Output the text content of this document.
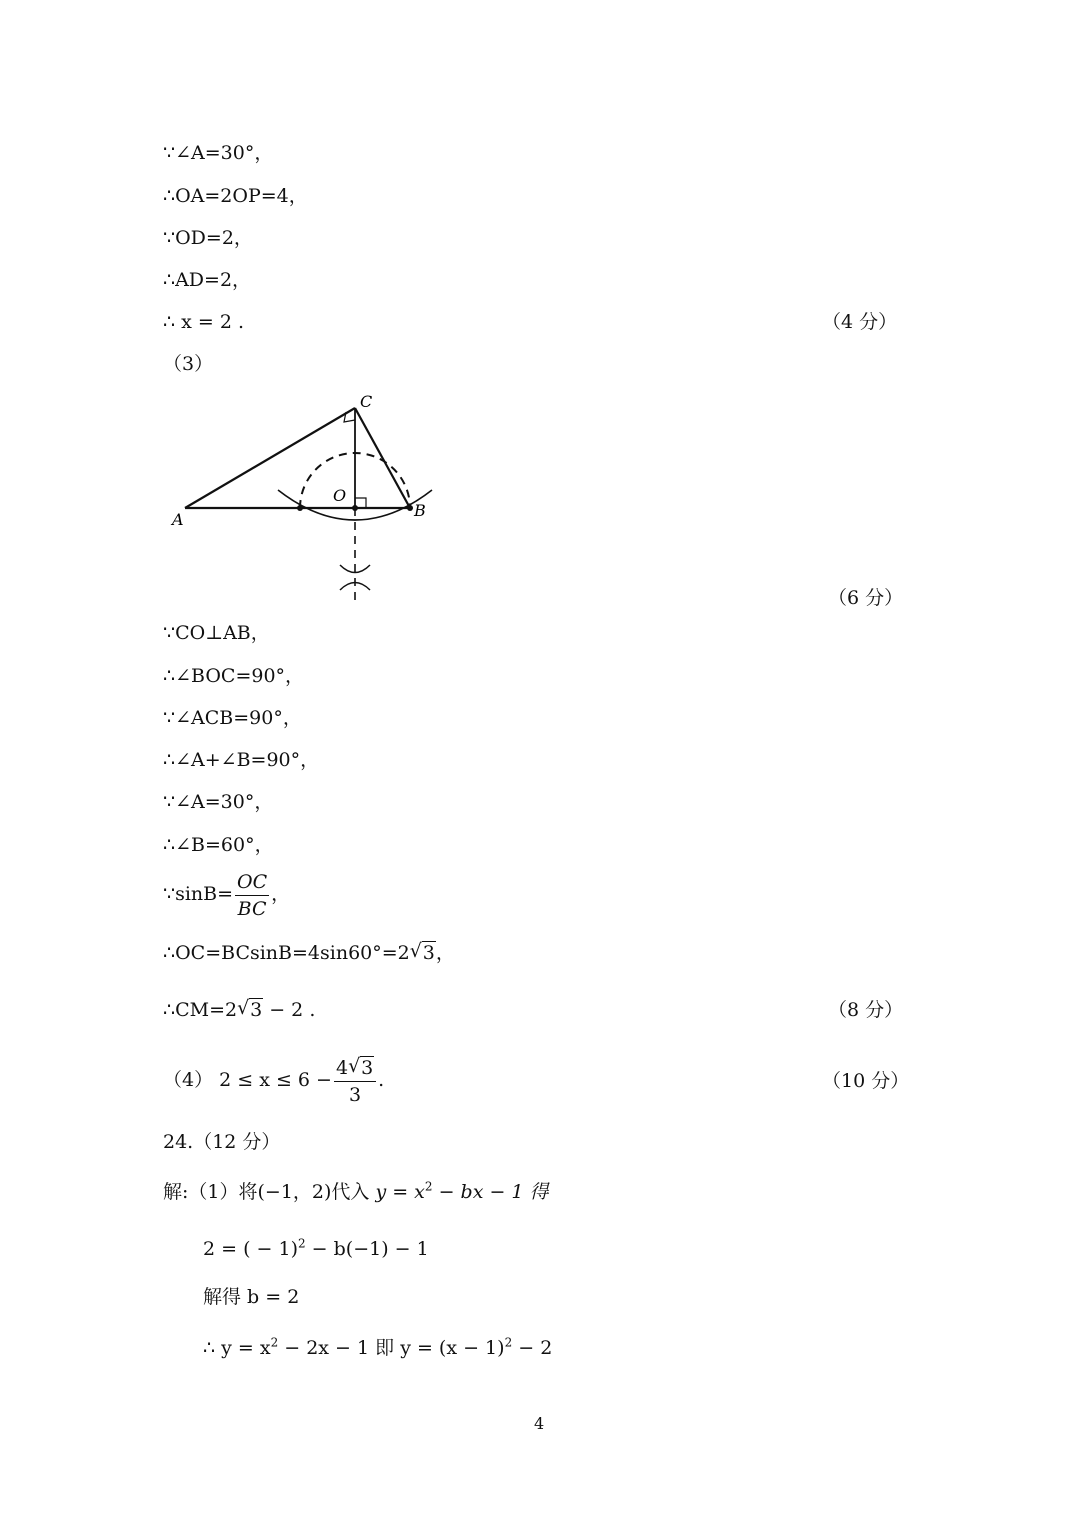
∵∠A=30°，
∴OA=2OP=4，
∵OD=2，
∴AD=2，
∴ x = 2 .	（4 分）
（3）
A
C
O
B
（6 分）
∵CO⊥AB，
∴∠BOC=90°，
∵∠ACB=90°，
∴∠A+∠B=90°，
∵∠A=30°，
∴∠B=60°，
∵sinB= $\frac{OC}{BC}$ ，
∴OC=BCsinB=4sin60°=2 √ 3，
∴CM=2 √ 3 − 2 .	（8 分）
（4） $2 \le x \le 6 - \frac{4 √ 3}{3}$ .	（10 分）
24.（12 分）
解:（1）将(−1，2)代入 $y = x^2$ − bx − 1 得
2 = ( − 1)$^2$ − b(−1) − 1
解得 b = 2
∴ $y = x^2 - 2x - 1$ 即 $y = (x - 1)^2 - 2$
4
